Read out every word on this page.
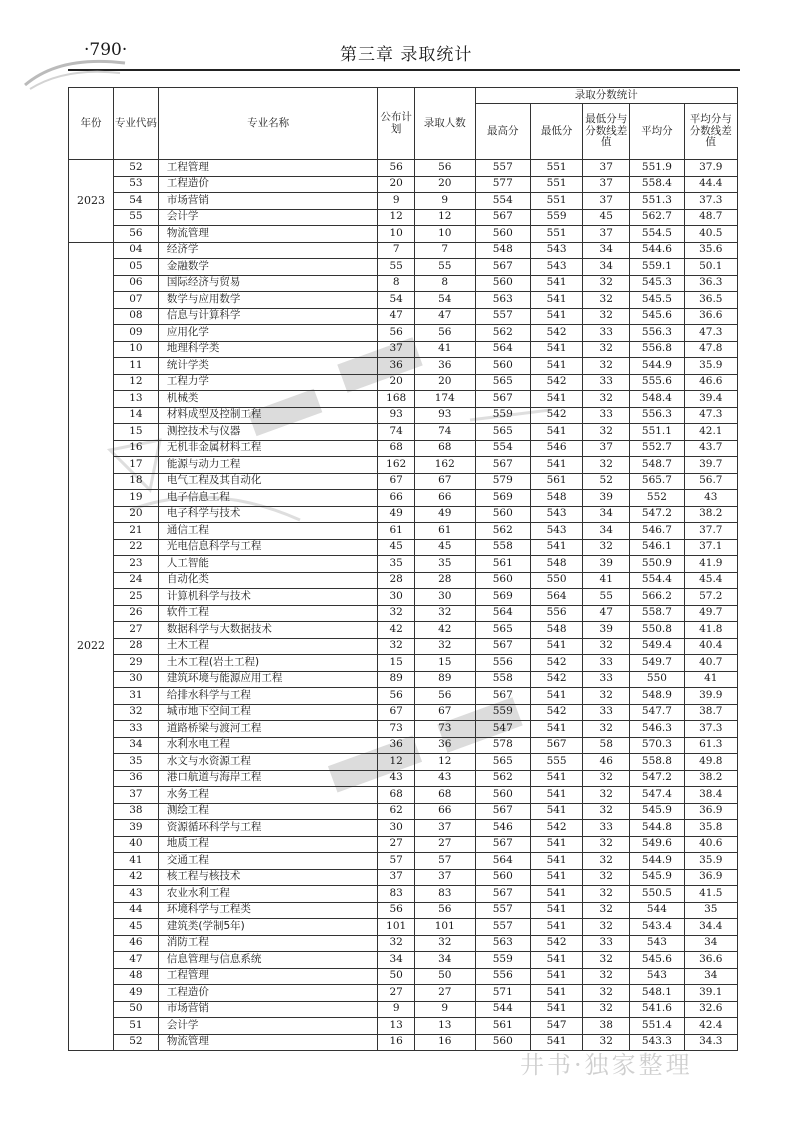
·790·	第三章 录取统计
年份	专业代码	专业名称	公布计划	录取人数	录取分数统计				
					最高分	最低分	最低分与分数线差值	平均分	平均分与分数线差值
2023	52	工程管理	56	56	557	551	37	551.9	37.9
	53	工程造价	20	20	577	551	37	558.4	44.4
	54	市场营销	9	9	554	551	37	551.3	37.3
	55	会计学	12	12	567	559	45	562.7	48.7
	56	物流管理	10	10	560	551	37	554.5	40.5
2022	04	经济学	7	7	548	543	34	544.6	35.6
	05	金融数学	55	55	567	543	34	559.1	50.1
	06	国际经济与贸易	8	8	560	541	32	545.3	36.3
	07	数学与应用数学	54	54	563	541	32	545.5	36.5
	08	信息与计算科学	47	47	557	541	32	545.6	36.6
	09	应用化学	56	56	562	542	33	556.3	47.3
	10	地理科学类	37	41	564	541	32	556.8	47.8
	11	统计学类	36	36	560	541	32	544.9	35.9
	12	工程力学	20	20	565	542	33	555.6	46.6
	13	机械类	168	174	567	541	32	548.4	39.4
	14	材料成型及控制工程	93	93	559	542	33	556.3	47.3
	15	测控技术与仪器	74	74	565	541	32	551.1	42.1
	16	无机非金属材料工程	68	68	554	546	37	552.7	43.7
	17	能源与动力工程	162	162	567	541	32	548.7	39.7
	18	电气工程及其自动化	67	67	579	561	52	565.7	56.7
	19	电子信息工程	66	66	569	548	39	552	43
	20	电子科学与技术	49	49	560	543	34	547.2	38.2
	21	通信工程	61	61	562	543	34	546.7	37.7
	22	光电信息科学与工程	45	45	558	541	32	546.1	37.1
	23	人工智能	35	35	561	548	39	550.9	41.9
	24	自动化类	28	28	560	550	41	554.4	45.4
	25	计算机科学与技术	30	30	569	564	55	566.2	57.2
	26	软件工程	32	32	564	556	47	558.7	49.7
	27	数据科学与大数据技术	42	42	565	548	39	550.8	41.8
	28	土木工程	32	32	567	541	32	549.4	40.4
	29	土木工程(岩土工程)	15	15	556	542	33	549.7	40.7
	30	建筑环境与能源应用工程	89	89	558	542	33	550	41
	31	给排水科学与工程	56	56	567	541	32	548.9	39.9
	32	城市地下空间工程	67	67	559	542	33	547.7	38.7
	33	道路桥梁与渡河工程	73	73	547	541	32	546.3	37.3
	34	水利水电工程	36	36	578	567	58	570.3	61.3
	35	水文与水资源工程	12	12	565	555	46	558.8	49.8
	36	港口航道与海岸工程	43	43	562	541	32	547.2	38.2
	37	水务工程	68	68	560	541	32	547.4	38.4
	38	测绘工程	62	66	567	541	32	545.9	36.9
	39	资源循环科学与工程	30	37	546	542	33	544.8	35.8
	40	地质工程	27	27	567	541	32	549.6	40.6
	41	交通工程	57	57	564	541	32	544.9	35.9
	42	核工程与核技术	37	37	560	541	32	545.9	36.9
	43	农业水利工程	83	83	567	541	32	550.5	41.5
	44	环境科学与工程类	56	56	557	541	32	544	35
	45	建筑类(学制5年)	101	101	557	541	32	543.4	34.4
	46	消防工程	32	32	563	542	33	543	34
	47	信息管理与信息系统	34	34	559	541	32	545.6	36.6
	48	工程管理	50	50	556	541	32	543	34
	49	工程造价	27	27	571	541	32	548.1	39.1
	50	市场营销	9	9	544	541	32	541.6	32.6
	51	会计学	13	13	561	547	38	551.4	42.4
	52	物流管理	16	16	560	541	32	543.3	34.3
井书·独家整理
